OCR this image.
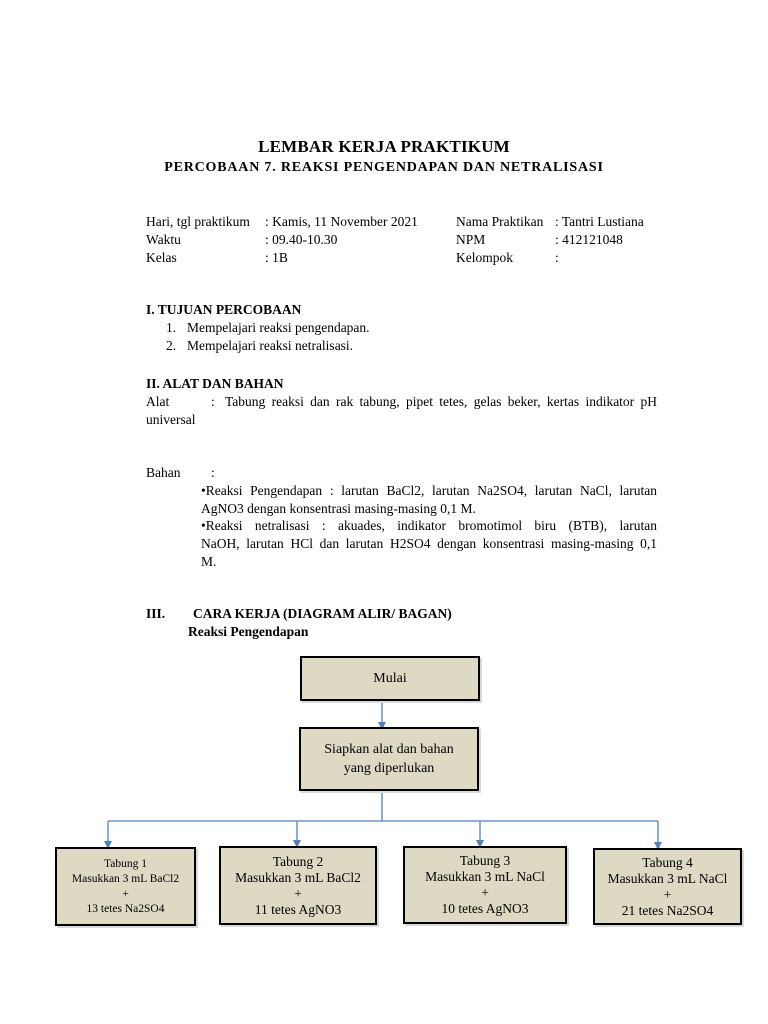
LEMBAR KERJA PRAKTIKUM
PERCOBAAN 7. REAKSI PENGENDAPAN DAN NETRALISASI
Hari, tgl praktikum : Kamis, 11 November 2021
Waktu	: 09.40-10.30
Kelas	: 1B
Nama Praktikan : Tantri Lustiana
NPM	: 412121048
Kelompok	:
I. TUJUAN PERCOBAAN
1. Mempelajari reaksi pengendapan.
2. Mempelajari reaksi netralisasi.
II. ALAT DAN BAHAN
Alat	: Tabung reaksi dan rak tabung, pipet tetes, gelas beker, kertas indikator pH
universal
Bahan :
•Reaksi Pengendapan : larutan BaCl2, larutan Na2SO4, larutan NaCl, larutan
AgNO3 dengan konsentrasi masing-masing 0,1 M.
•Reaksi netralisasi : akuades, indikator bromotimol biru (BTB), larutan
NaOH, larutan HCl dan larutan H2SO4 dengan konsentrasi masing-masing 0,1
M.
III. CARA KERJA (DIAGRAM ALIR/ BAGAN)
Reaksi Pengendapan
Mulai
Siapkan alat dan bahan
yang diperlukan
Tabung 1
Masukkan 3 mL BaCl2
+
13 tetes Na2SO4
Tabung 2
Masukkan 3 mL BaCl2
+
11 tetes AgNO3
Tabung 3
Masukkan 3 mL NaCl
+
10 tetes AgNO3
Tabung 4
Masukkan 3 mL NaCl
+
21 tetes Na2SO4
